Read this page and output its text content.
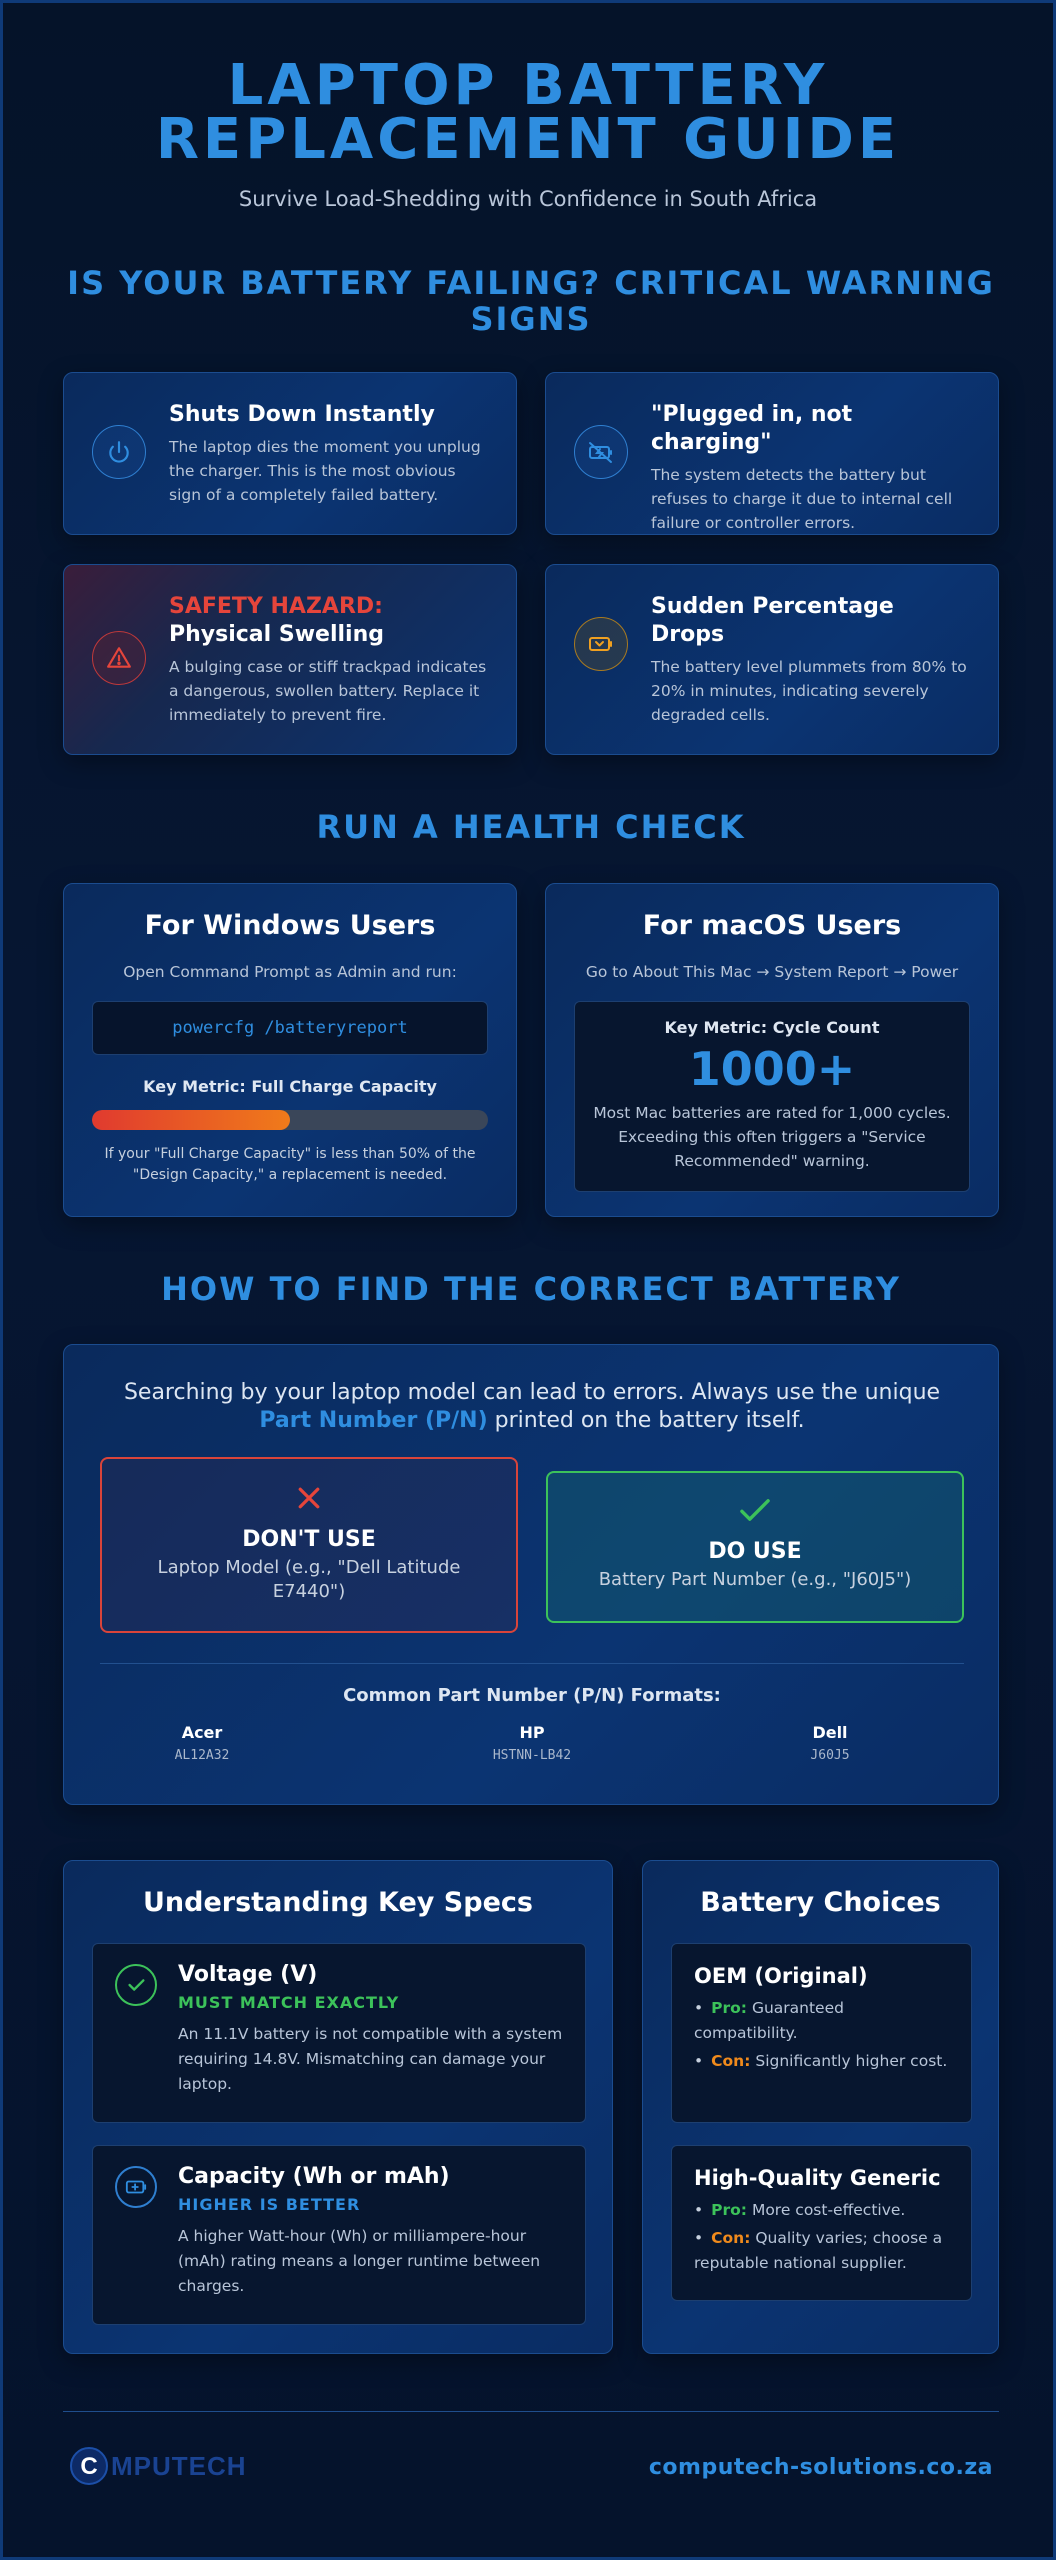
LAPTOP BATTERY
REPLACEMENT GUIDE
Survive Load-Shedding with Confidence in South Africa
IS YOUR BATTERY FAILING? CRITICAL WARNING
SIGNS
Shuts Down Instantly

The laptop dies the moment you unplug the charger. This is the most obvious sign of a completely failed battery.

"Plugged in, not charging"

The system detects the battery but refuses to charge it due to internal cell failure or controller errors.

SAFETY HAZARD: Physical Swelling

A bulging case or stiff trackpad indicates a dangerous, swollen battery. Replace it immediately to prevent fire.

Sudden Percentage Drops

The battery level plummets from 80% to 20% in minutes, indicating severely degraded cells.

RUN A HEALTH CHECK
For Windows Users
Open Command Prompt as Admin and run:
powercfg /batteryreport
Key Metric: Full Charge Capacity
If your "Full Charge Capacity" is less than 50% of the "Design Capacity," a replacement is needed.
For macOS Users
Go to About This Mac → System Report → Power
Key Metric: Cycle Count
1000+
Most Mac batteries are rated for 1,000 cycles. Exceeding this often triggers a "Service Recommended" warning.
HOW TO FIND THE CORRECT BATTERY
Searching by your laptop model can lead to errors. Always use the unique Part Number (P/N) printed on the battery itself.
DON'T USE
Laptop Model (e.g., "Dell Latitude E7440")
DO USE
Battery Part Number (e.g., "J60J5")
Common Part Number (P/N) Formats:
Acer
AL12A32
HP
HSTNN-LB42
Dell
J60J5
Understanding Key Specs
Voltage (V)
MUST MATCH EXACTLY
An 11.1V battery is not compatible with a system requiring 14.8V. Mismatching can damage your laptop.
Capacity (Wh or mAh)
HIGHER IS BETTER
A higher Watt-hour (Wh) or milliampere-hour (mAh) rating means a longer runtime between charges.
Battery Choices
OEM (Original)
• Pro: Guaranteed compatibility.
• Con: Significantly higher cost.
High-Quality Generic
• Pro: More cost-effective.
• Con: Quality varies; choose a reputable national supplier.
C MPUTECH	computech-solutions.co.za
